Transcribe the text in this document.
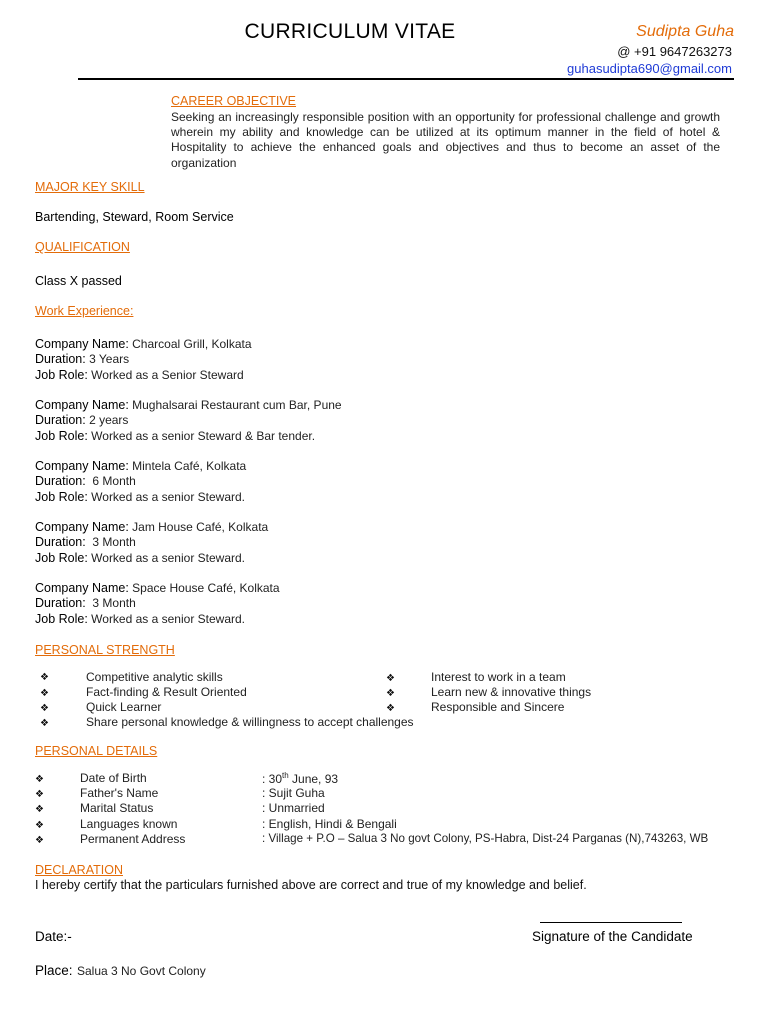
CURRICULUM VITAE	Sudipta Guha
@ +91 9647263273
guhasudipta690@gmail.com
CAREER OBJECTIVE
Seeking an increasingly responsible position with an opportunity for professional challenge and growth wherein my ability and knowledge can be utilized at its optimum manner in the field of hotel & Hospitality to achieve the enhanced goals and objectives and thus to become an asset of the organization
MAJOR KEY SKILL
Bartending, Steward, Room Service
QUALIFICATION
Class X passed
Work Experience:
Company Name: Charcoal Grill, Kolkata
Duration: 3 Years
Job Role: Worked as a Senior Steward
Company Name: Mughalsarai Restaurant cum Bar, Pune
Duration: 2 years
Job Role: Worked as a senior Steward & Bar tender.
Company Name: Mintela Café, Kolkata
Duration: 6 Month
Job Role: Worked as a senior Steward.
Company Name: Jam House Café, Kolkata
Duration: 3 Month
Job Role: Worked as a senior Steward.
Company Name: Space House Café, Kolkata
Duration: 3 Month
Job Role: Worked as a senior Steward.
PERSONAL STRENGTH
❖	Competitive analytic skills
❖	Fact-finding & Result Oriented
❖	Quick Learner
❖	Share personal knowledge & willingness to accept challenges
❖	Interest to work in a team
❖	Learn new & innovative things
❖	Responsible and Sincere
PERSONAL DETAILS
❖	Date of Birth	: 30th June, 93
❖	Father's Name	: Sujit Guha
❖	Marital Status	: Unmarried
❖	Languages known	: English, Hindi & Bengali
❖	Permanent Address	: Village + P.O – Salua 3 No govt Colony, PS-Habra, Dist-24 Parganas (N),743263, WB
DECLARATION
I hereby certify that the particulars furnished above are correct and true of my knowledge and belief.
Date:-	Signature of the Candidate
Place: Salua 3 No Govt Colony
